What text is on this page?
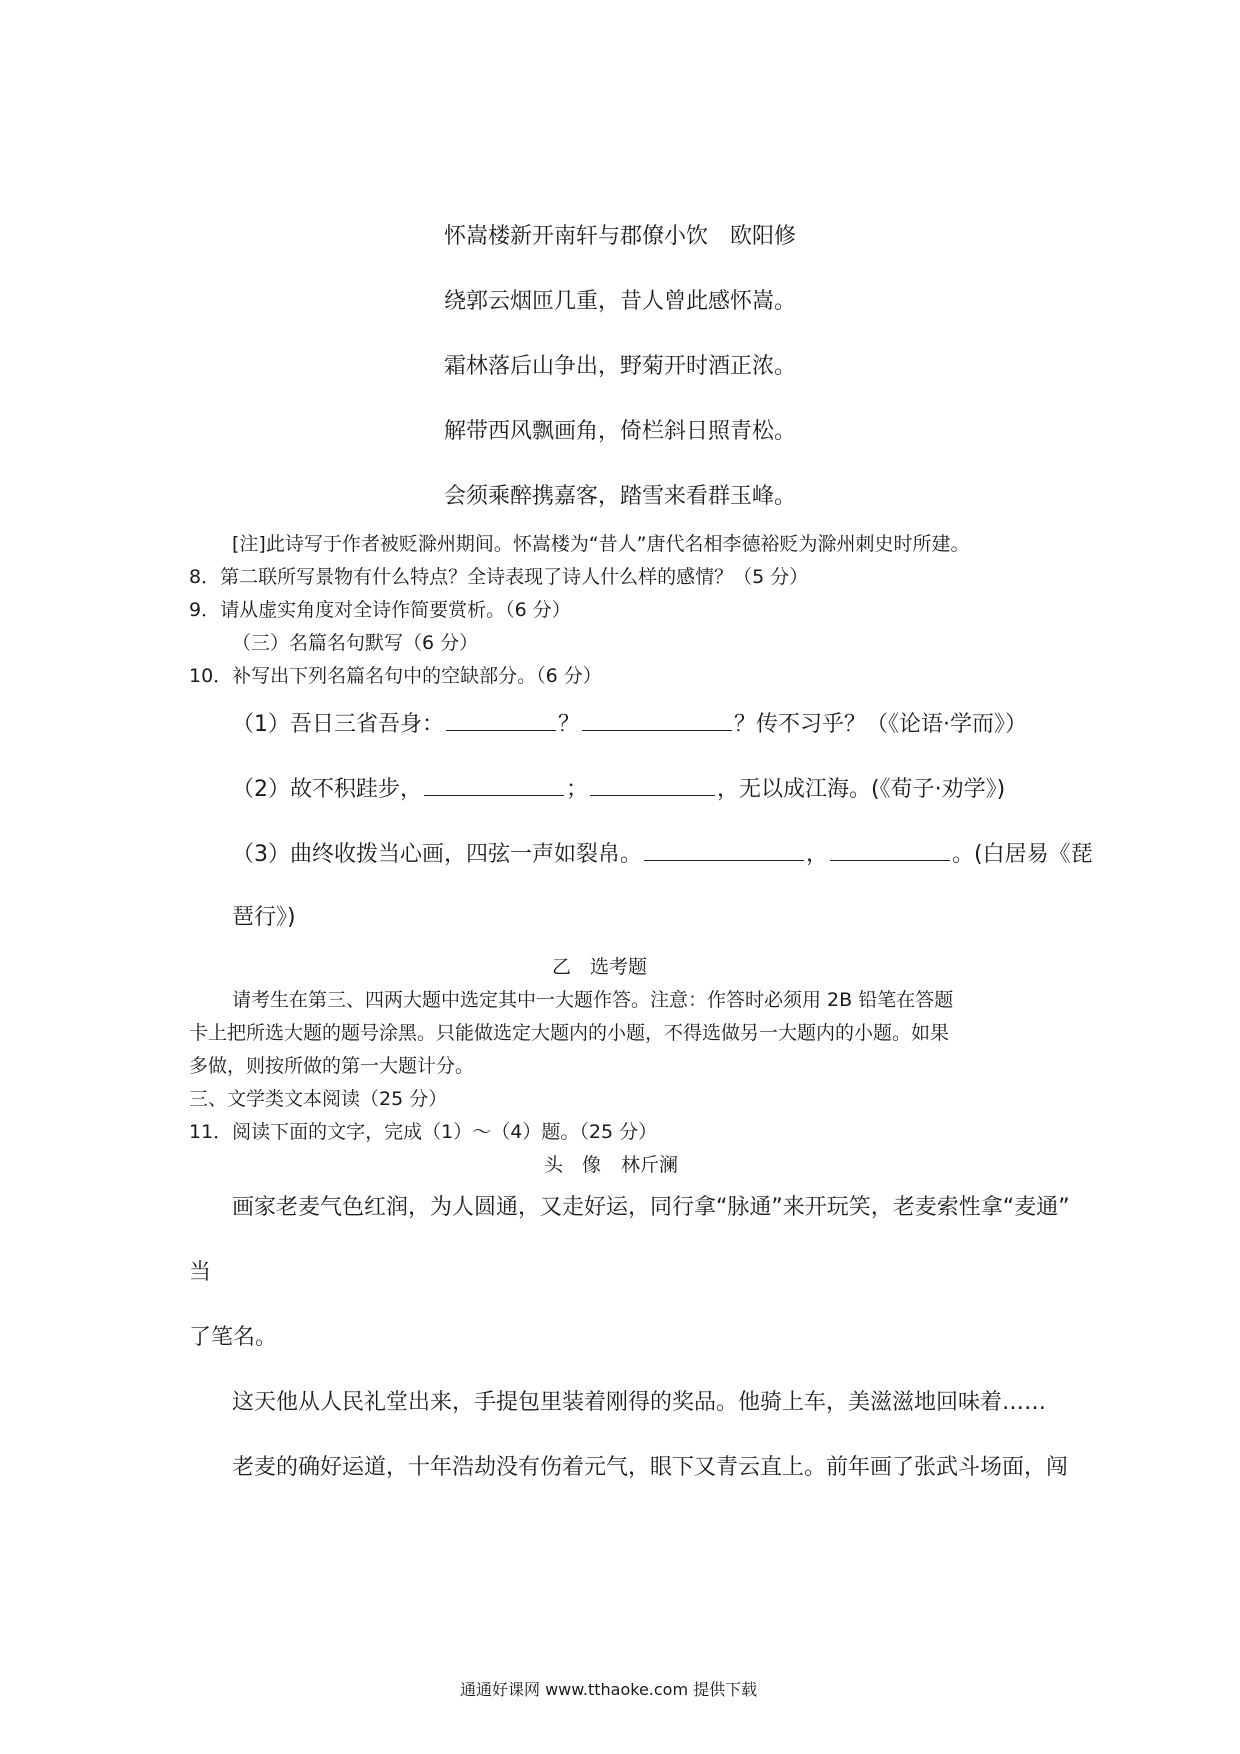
怀嵩楼新开南轩与郡僚小饮 欧阳修
绕郭云烟匝几重，昔人曾此感怀嵩。
霜林落后山争出，野菊开时酒正浓。
解带西风飘画角，倚栏斜日照青松。
会须乘醉携嘉客，踏雪来看群玉峰。
[注]此诗写于作者被贬滁州期间。怀嵩楼为“昔人”唐代名相李德裕贬为滁州刺史时所建。
8．第二联所写景物有什么特点？全诗表现了诗人什么样的感情？（5 分）
9．请从虚实角度对全诗作简要赏析。（6 分）
（三）名篇名句默写（6 分）
10．补写出下列名篇名句中的空缺部分。（6 分）
（1）吾日三省吾身：	？	？传不习乎？（《论语·学而》）
（2）故不积跬步，	；	，无以成江海。(《荀子·劝学》)
（3）曲终收拨当心画，四弦一声如裂帛。	，	。(白居易《琵
琶行》)
乙　选考题
请考生在第三、四两大题中选定其中一大题作答。注意：作答时必须用 2B 铅笔在答题
卡上把所选大题的题号涂黑。只能做选定大题内的小题，不得选做另一大题内的小题。如果
多做，则按所做的第一大题计分。
三、文学类文本阅读（25 分）
11．阅读下面的文字，完成（1）～（4）题。（25 分）
头　像 林斤澜
画家老麦气色红润，为人圆通，又走好运，同行拿“脉通”来开玩笑，老麦索性拿“麦通”
当
了笔名。
这天他从人民礼堂出来，手提包里装着刚得的奖品。他骑上车，美滋滋地回味着……
老麦的确好运道，十年浩劫没有伤着元气，眼下又青云直上。前年画了张武斗场面，闯
通通好课网 www.tthaoke.com 提供下载
